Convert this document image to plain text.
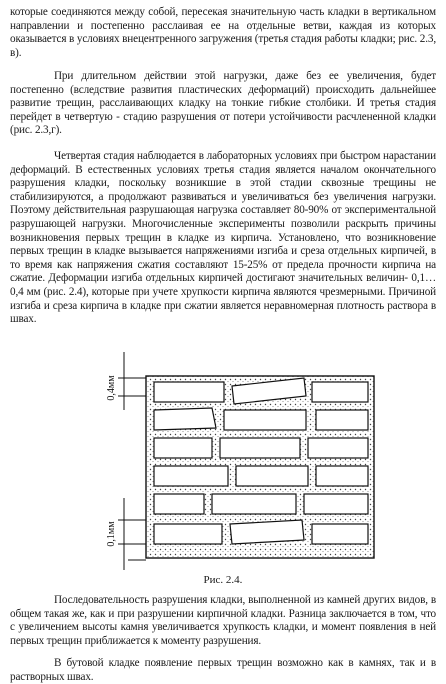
которые соединяются между собой, пересекая значительную часть кладки в вертикальном направлении и постепенно расслаивая ее на отдельные ветви, каждая из которых оказывается в условиях внецентренного загружения (третья стадия работы кладки; рис. 2.3, в).

При длительном действии этой нагрузки, даже без ее увеличения, будет постепенно (вследствие развития пластических деформаций) происходить дальнейшее развитие трещин, расслаивающих кладку на тонкие гибкие столбики. И третья стадия перейдет в четвертую - стадию разрушения от потери устойчивости расчлененной кладки (рис. 2.3,г).

Четвертая стадия наблюдается в лабораторных условиях при быстром нарастании деформаций. В естественных условиях третья стадия является началом окончательного разрушения кладки, поскольку возникшие в этой стадии сквозные трещины не стабилизируются, а продолжают развиваться и увеличиваться без увеличения нагрузки. Поэтому действительная разрушающая нагрузка составляет 80-90% от экспериментальной разрушающей нагрузки. Многочисленные эксперименты позволили раскрыть причины возникновения первых трещин в кладке из кирпича. Установлено, что возникновение первых трещин в кладке вызывается напряжениями изгиба и среза отдельных кирпичей, в то время как напряжения сжатия составляют 15-25% от предела прочности кирпича на сжатие. Деформации изгиба отдельных кирпичей достигают значительных величин- 0,1…0,4 мм (рис. 2.4), которые при учете хрупкости кирпича являются чрезмерными. Причиной изгиба и среза кирпича в кладке при сжатии является неравномерная плотность раствора в швах.

0,4мм
0,1мм
Рис. 2.4.

Последовательность разрушения кладки, выполненной из камней других видов, в общем такая же, как и при разрушении кирпичной кладки. Разница заключается в том, что с увеличением высоты камня увеличивается хрупкость кладки, и момент появления в ней первых трещин приближается к моменту разрушения.

В бутовой кладке появление первых трещин возможно как в камнях, так и в растворных швах.
